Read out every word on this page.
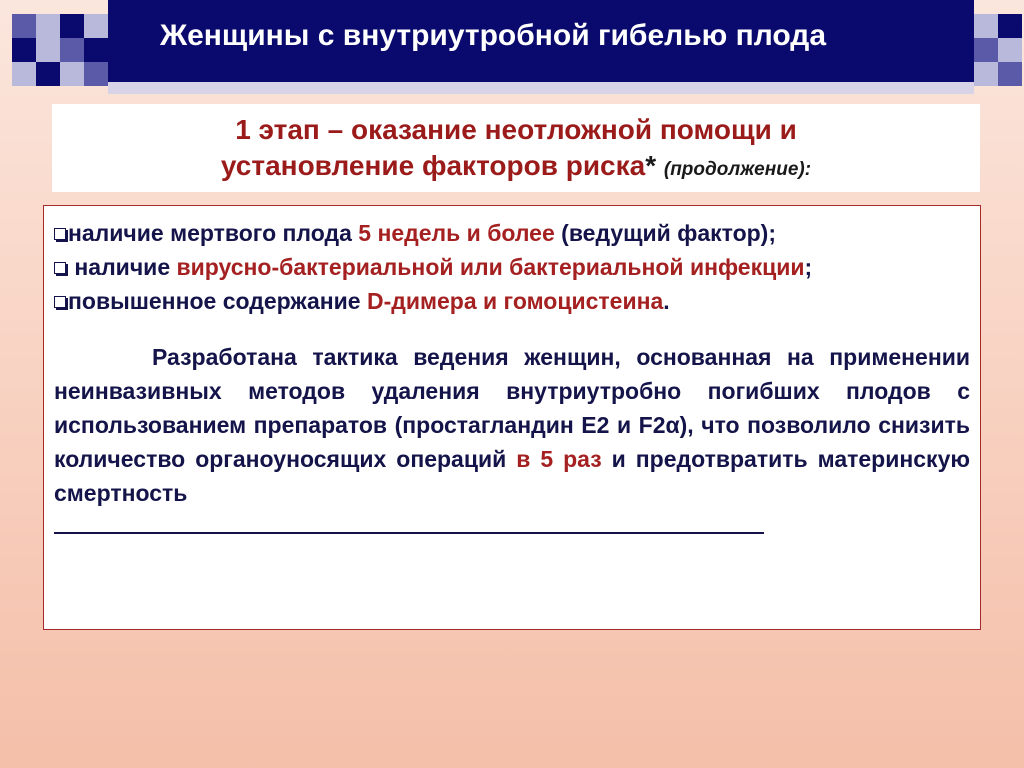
Женщины с внутриутробной гибелью плода
1 этап – оказание неотложной помощи и
установление факторов риска* (продолжение):
наличие мертвого плода 5 недель и более (ведущий фактор);
наличие вирусно-бактериальной или бактериальной инфекции;
повышенное содержание D-димера и гомоцистеина.
Разработана тактика ведения женщин, основанная на применении неинвазивных методов удаления внутриутробно погибших плодов с использованием препаратов (простагландин Е2 и F2α), что позволило снизить количество органоуносящих операций в 5 раз и предотвратить материнскую смертность
